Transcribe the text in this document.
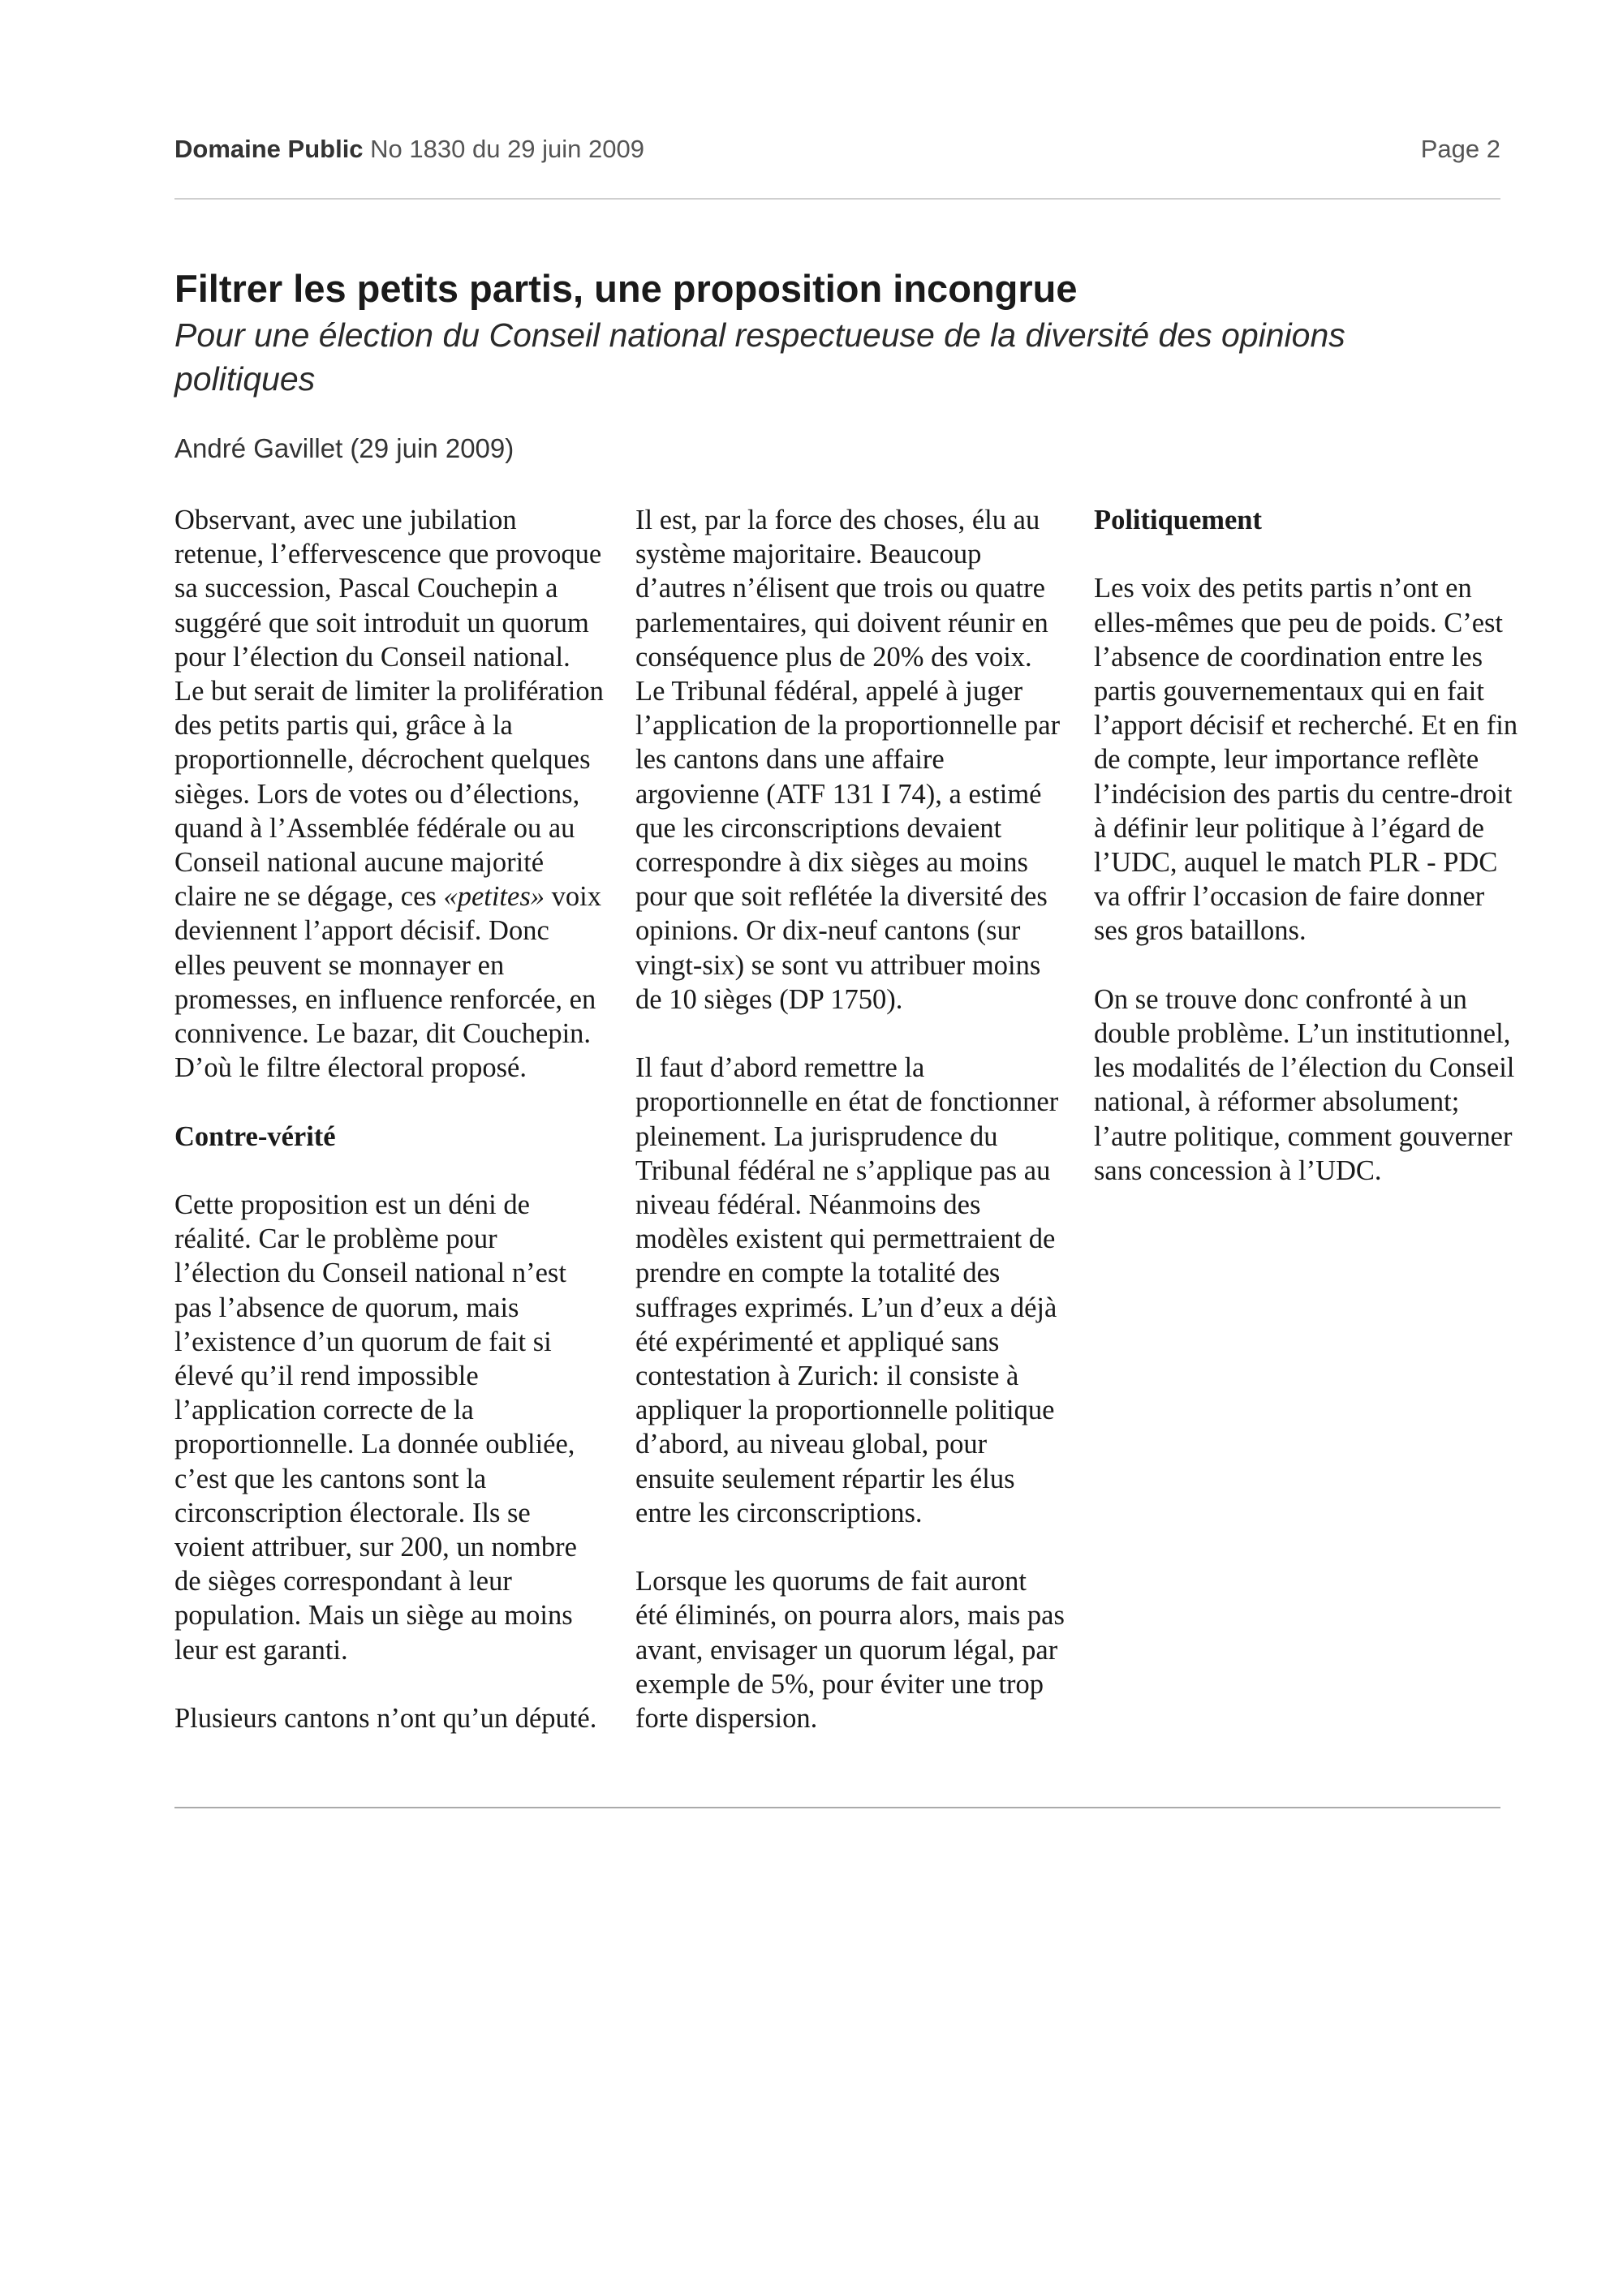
Domaine Public No 1830 du 29 juin 2009	Page 2
Filtrer les petits partis, une proposition incongrue
Pour une élection du Conseil national respectueuse de la diversité des opinions politiques
André Gavillet (29 juin 2009)

Observant, avec une jubilation retenue, l’effervescence que provoque sa succession, Pascal Couchepin a suggéré que soit introduit un quorum pour l’élection du Conseil national. Le but serait de limiter la prolifération des petits partis qui, grâce à la proportionnelle, décrochent quelques sièges. Lors de votes ou d’élections, quand à l’Assemblée fédérale ou au Conseil national aucune majorité claire ne se dégage, ces «petites» voix deviennent l’apport décisif. Donc elles peuvent se monnayer en promesses, en influence renforcée, en connivence. Le bazar, dit Couchepin. D’où le filtre électoral proposé.

Contre-vérité

Cette proposition est un déni de réalité. Car le problème pour l’élection du Conseil national n’est pas l’absence de quorum, mais l’existence d’un quorum de fait si élevé qu’il rend impossible l’application correcte de la proportionnelle. La donnée oubliée, c’est que les cantons sont la circonscription électorale. Ils se voient attribuer, sur 200, un nombre de sièges correspondant à leur population. Mais un siège au moins leur est garanti.

Plusieurs cantons n’ont qu’un député.

Il est, par la force des choses, élu au système majoritaire. Beaucoup d’autres n’élisent que trois ou quatre parlementaires, qui doivent réunir en conséquence plus de 20% des voix. Le Tribunal fédéral, appelé à juger l’application de la proportionnelle par les cantons dans une affaire argovienne (ATF 131 I 74), a estimé que les circonscriptions devaient correspondre à dix sièges au moins pour que soit reflétée la diversité des opinions. Or dix-neuf cantons (sur vingt-six) se sont vu attribuer moins de 10 sièges (DP 1750).

Il faut d’abord remettre la proportionnelle en état de fonctionner pleinement. La jurisprudence du Tribunal fédéral ne s’applique pas au niveau fédéral. Néanmoins des modèles existent qui permettraient de prendre en compte la totalité des suffrages exprimés. L’un d’eux a déjà été expérimenté et appliqué sans contestation à Zurich: il consiste à appliquer la proportionnelle politique d’abord, au niveau global, pour ensuite seulement répartir les élus entre les circonscriptions.

Lorsque les quorums de fait auront été éliminés, on pourra alors, mais pas avant, envisager un quorum légal, par exemple de 5%, pour éviter une trop forte dispersion.

Politiquement

Les voix des petits partis n’ont en elles-mêmes que peu de poids. C’est l’absence de coordination entre les partis gouvernementaux qui en fait l’apport décisif et recherché. Et en fin de compte, leur importance reflète l’indécision des partis du centre-droit à définir leur politique à l’égard de l’UDC, auquel le match PLR - PDC va offrir l’occasion de faire donner ses gros bataillons.

On se trouve donc confronté à un double problème. L’un institutionnel, les modalités de l’élection du Conseil national, à réformer absolument; l’autre politique, comment gouverner sans concession à l’UDC.
